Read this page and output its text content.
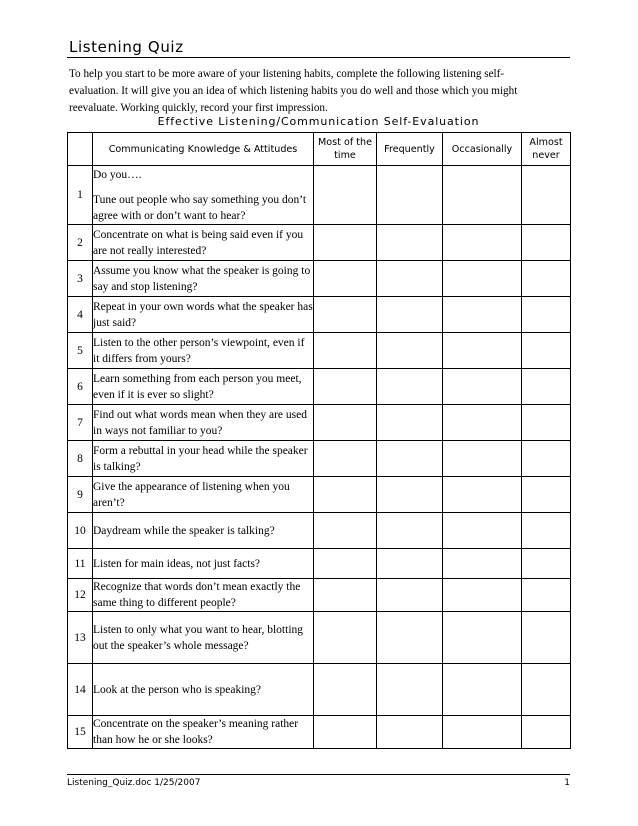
Listening Quiz
To help you start to be more aware of your listening habits, complete the following listening self-evaluation. It will give you an idea of which listening habits you do well and those which you might reevaluate. Working quickly, record your first impression.
Effective Listening/Communication Self-Evaluation
	Communicating Knowledge & Attitudes	Most of the time	Frequently	Occasionally	Almost never
1	Do you….
Tune out people who say something you don’t agree with or don’t want to hear?				
2	Concentrate on what is being said even if you are not really interested?				
3	Assume you know what the speaker is going to say and stop listening?				
4	Repeat in your own words what the speaker has just said?				
5	Listen to the other person’s viewpoint, even if it differs from yours?				
6	Learn something from each person you meet, even if it is ever so slight?				
7	Find out what words mean when they are used in ways not familiar to you?				
8	Form a rebuttal in your head while the speaker is talking?				
9	Give the appearance of listening when you aren’t?				
10	Daydream while the speaker is talking?				
11	Listen for main ideas, not just facts?				
12	Recognize that words don’t mean exactly the same thing to different people?				
13	Listen to only what you want to hear, blotting out the speaker’s whole message?				
14	Look at the person who is speaking?				
15	Concentrate on the speaker’s meaning rather than how he or she looks?				
Listening_Quiz.doc 1/25/2007	1
